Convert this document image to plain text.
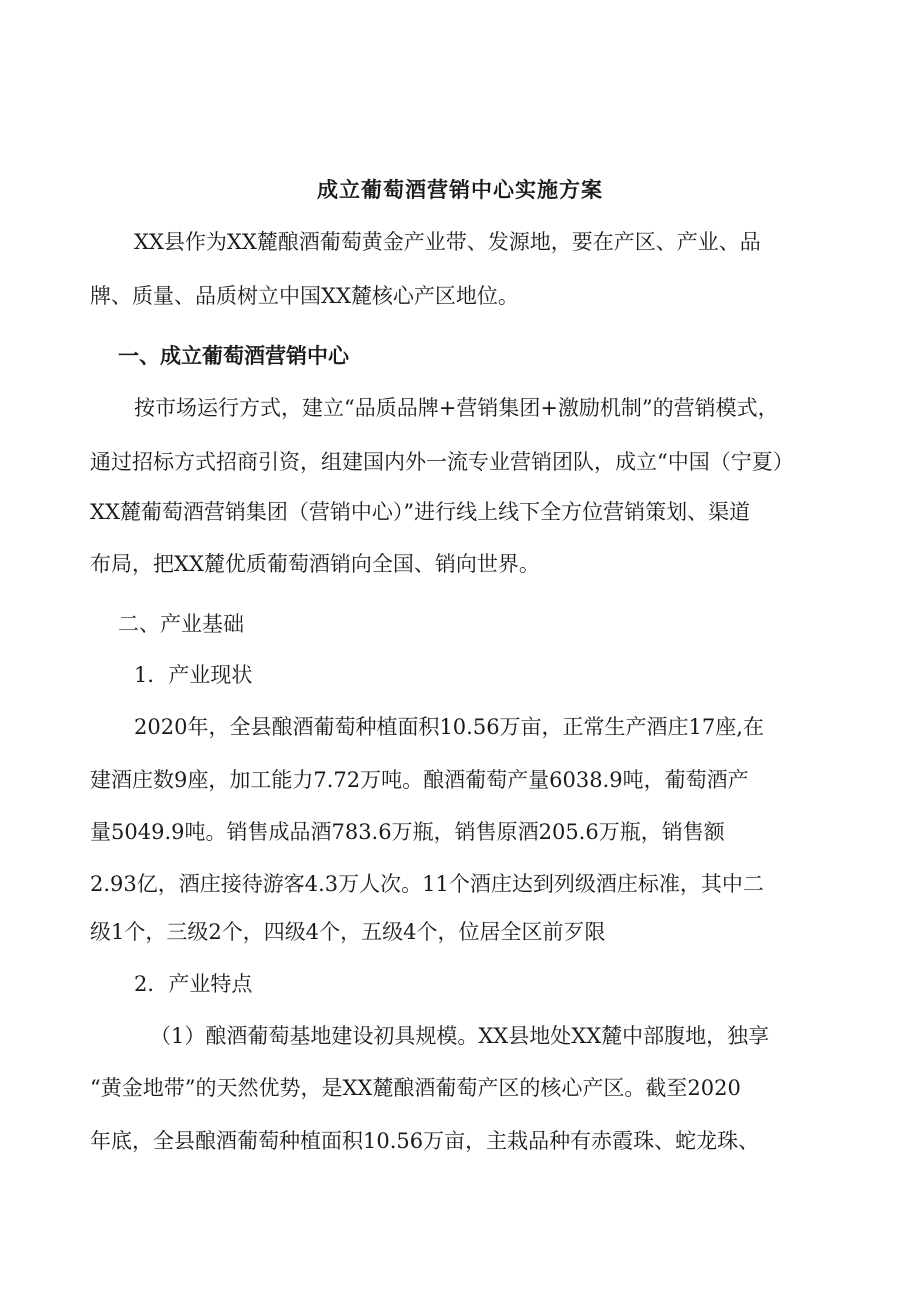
成立葡萄酒营销中心实施方案

XX县作为XX麓酿酒葡萄黄金产业带、发源地，要在产区、产业、品

牌、质量、品质树立中国XX麓核心产区地位。

一、成立葡萄酒营销中心

按市场运行方式，建立“品质品牌+营销集团+激励机制”的营销模式，

通过招标方式招商引资，组建国内外一流专业营销团队，成立“中国（宁夏）

XX麓葡萄酒营销集团（营销中心）”进行线上线下全方位营销策划、渠道

布局，把XX麓优质葡萄酒销向全国、销向世界。

二、产业基础

1．产业现状

2020年，全县酿酒葡萄种植面积10.56万亩，正常生产酒庄17座,在

建酒庄数9座，加工能力7.72万吨。酿酒葡萄产量6038.9吨，葡萄酒产

量5049.9吨。销售成品酒783.6万瓶，销售原酒205.6万瓶，销售额

2.93亿，酒庄接待游客4.3万人次。11个酒庄达到列级酒庄标准，其中二

级1个，三级2个，四级4个，五级4个，位居全区前歹限

2．产业特点

（1）酿酒葡萄基地建设初具规模。XX县地处XX麓中部腹地，独享

“黄金地带”的天然优势，是XX麓酿酒葡萄产区的核心产区。截至2020

年底，全县酿酒葡萄种植面积10.56万亩，主栽品种有赤霞珠、蛇龙珠、
